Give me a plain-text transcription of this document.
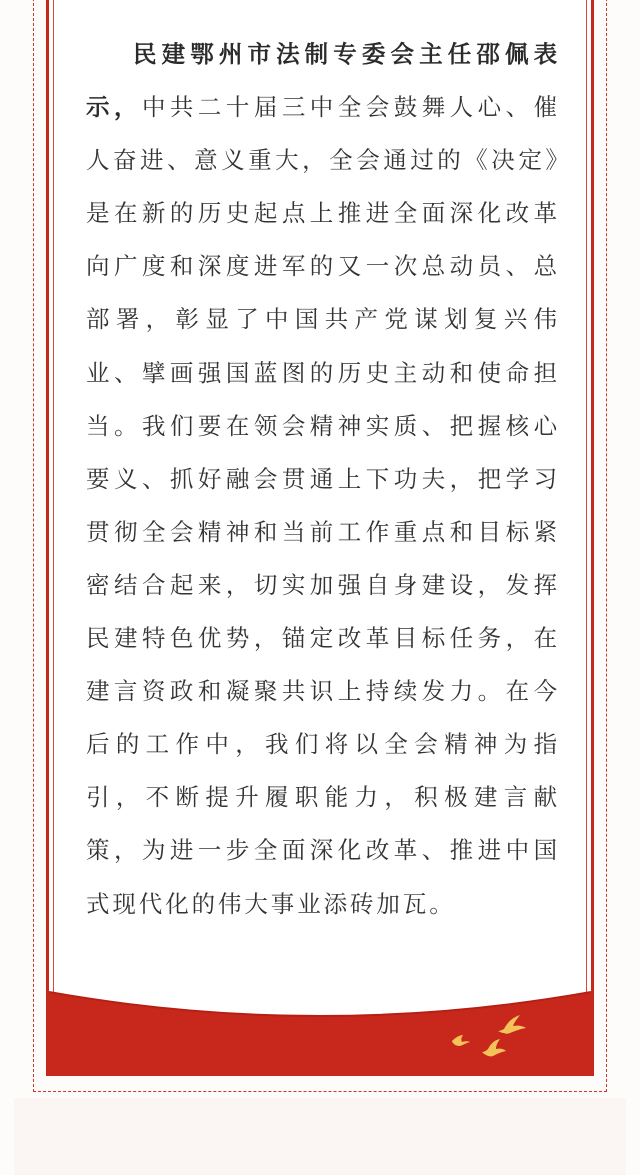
民建鄂州市法制专委会主任邵佩表示，中共二十届三中全会鼓舞人心、催人奋进、意义重大，全会通过的《决定》是在新的历史起点上推进全面深化改革向广度和深度进军的又一次总动员、总部署，彰显了中国共产党谋划复兴伟业、擘画强国蓝图的历史主动和使命担当。我们要在领会精神实质、把握核心要义、抓好融会贯通上下功夫，把学习贯彻全会精神和当前工作重点和目标紧密结合起来，切实加强自身建设，发挥民建特色优势，锚定改革目标任务，在建言资政和凝聚共识上持续发力。在今后的工作中，我们将以全会精神为指引，不断提升履职能力，积极建言献策，为进一步全面深化改革、推进中国式现代化的伟大事业添砖加瓦。
